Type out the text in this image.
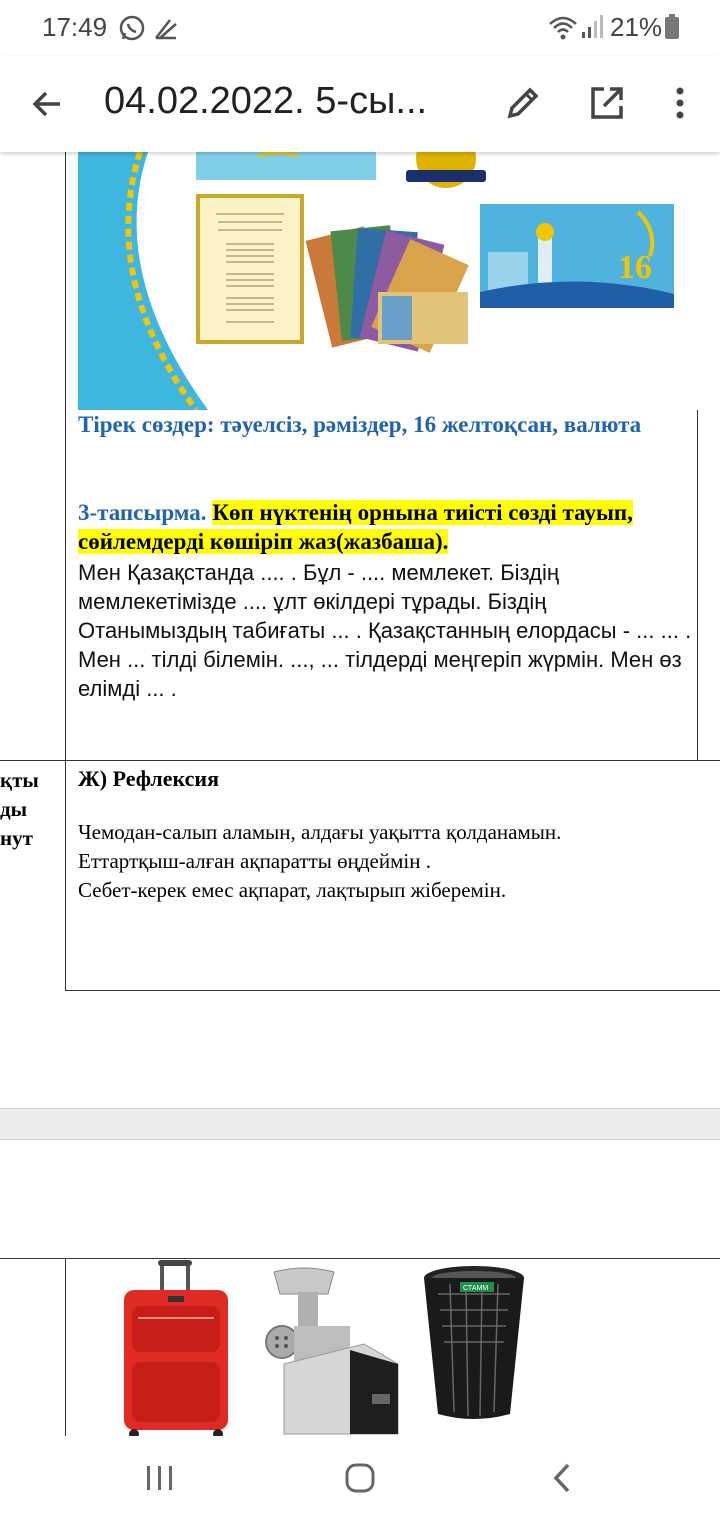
17:49	21%
04.02.2022. 5-сы...
16
Тірек сөздер: тәуелсіз, рәміздер, 16 желтоқсан, валюта
3-тапсырма. Көп нүктенің орнына тиісті сөзді тауып, сөйлемдерді көшіріп жаз(жазбаша).
Мен Қазақстанда .... . Бұл - .... мемлекет. Біздің мемлекетімізде .... ұлт өкілдері тұрады. Біздің Отанымыздың табиғаты ... . Қазақстанның елордасы - ... ... . Мен ... тілді білемін. ..., ... тілдерді меңгеріп жүрмін. Мен өз елімді ... .
қты
ды
нут
Ж) Рефлексия
Чемодан-салып аламын, алдағы уақытта қолданамын.
Еттартқыш-алған ақпаратты өңдеймін .
Себет-керек емес ақпарат, лақтырып жіберемін.
СТАММ
